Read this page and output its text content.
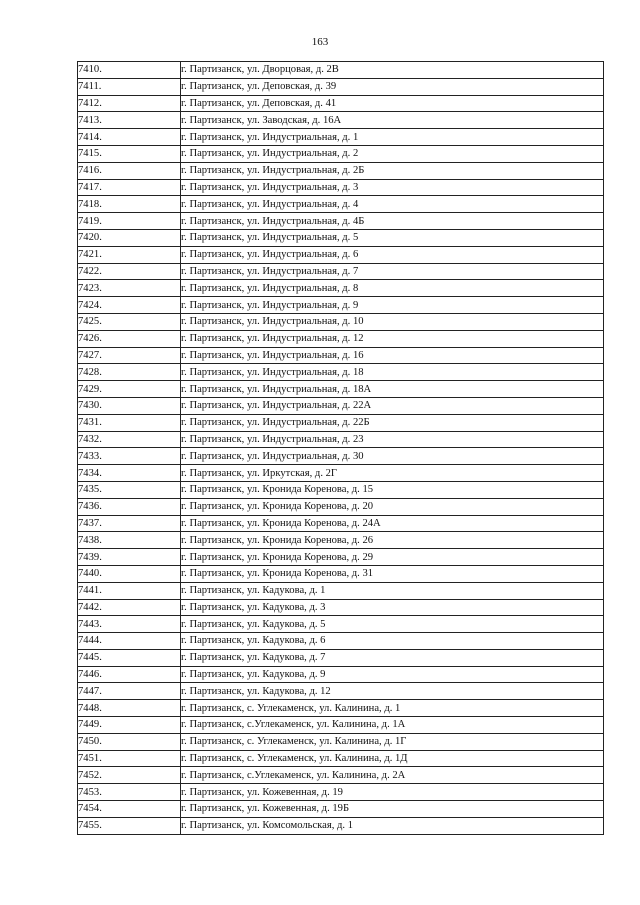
163
7410.	г. Партизанск, ул. Дворцовая, д. 2В
7411.	г. Партизанск, ул. Деповская, д. 39
7412.	г. Партизанск, ул. Деповская, д. 41
7413.	г. Партизанск, ул. Заводская, д. 16А
7414.	г. Партизанск, ул. Индустриальная, д. 1
7415.	г. Партизанск, ул. Индустриальная, д. 2
7416.	г. Партизанск, ул. Индустриальная, д. 2Б
7417.	г. Партизанск, ул. Индустриальная, д. 3
7418.	г. Партизанск, ул. Индустриальная, д. 4
7419.	г. Партизанск, ул. Индустриальная, д. 4Б
7420.	г. Партизанск, ул. Индустриальная, д. 5
7421.	г. Партизанск, ул. Индустриальная, д. 6
7422.	г. Партизанск, ул. Индустриальная, д. 7
7423.	г. Партизанск, ул. Индустриальная, д. 8
7424.	г. Партизанск, ул. Индустриальная, д. 9
7425.	г. Партизанск, ул. Индустриальная, д. 10
7426.	г. Партизанск, ул. Индустриальная, д. 12
7427.	г. Партизанск, ул. Индустриальная, д. 16
7428.	г. Партизанск, ул. Индустриальная, д. 18
7429.	г. Партизанск, ул. Индустриальная, д. 18А
7430.	г. Партизанск, ул. Индустриальная, д. 22А
7431.	г. Партизанск, ул. Индустриальная, д. 22Б
7432.	г. Партизанск, ул. Индустриальная, д. 23
7433.	г. Партизанск, ул. Индустриальная, д. 30
7434.	г. Партизанск, ул. Иркутская, д. 2Г
7435.	г. Партизанск, ул. Кронида Коренова, д. 15
7436.	г. Партизанск, ул. Кронида Коренова, д. 20
7437.	г. Партизанск, ул. Кронида Коренова, д. 24А
7438.	г. Партизанск, ул. Кронида Коренова, д. 26
7439.	г. Партизанск, ул. Кронида Коренова, д. 29
7440.	г. Партизанск, ул. Кронида Коренова, д. 31
7441.	г. Партизанск, ул. Кадукова, д. 1
7442.	г. Партизанск, ул. Кадукова, д. 3
7443.	г. Партизанск, ул. Кадукова, д. 5
7444.	г. Партизанск, ул. Кадукова, д. 6
7445.	г. Партизанск, ул. Кадукова, д. 7
7446.	г. Партизанск, ул. Кадукова, д. 9
7447.	г. Партизанск, ул. Кадукова, д. 12
7448.	г. Партизанск, с. Углекаменск, ул. Калинина, д. 1
7449.	г. Партизанск, с.Углекаменск, ул. Калинина, д. 1А
7450.	г. Партизанск, с. Углекаменск, ул. Калинина, д. 1Г
7451.	г. Партизанск, с. Углекаменск, ул. Калинина, д. 1Д
7452.	г. Партизанск, с.Углекаменск, ул. Калинина, д. 2А
7453.	г. Партизанск, ул. Кожевенная, д. 19
7454.	г. Партизанск, ул. Кожевенная, д. 19Б
7455.	г. Партизанск, ул. Комсомольская, д. 1
